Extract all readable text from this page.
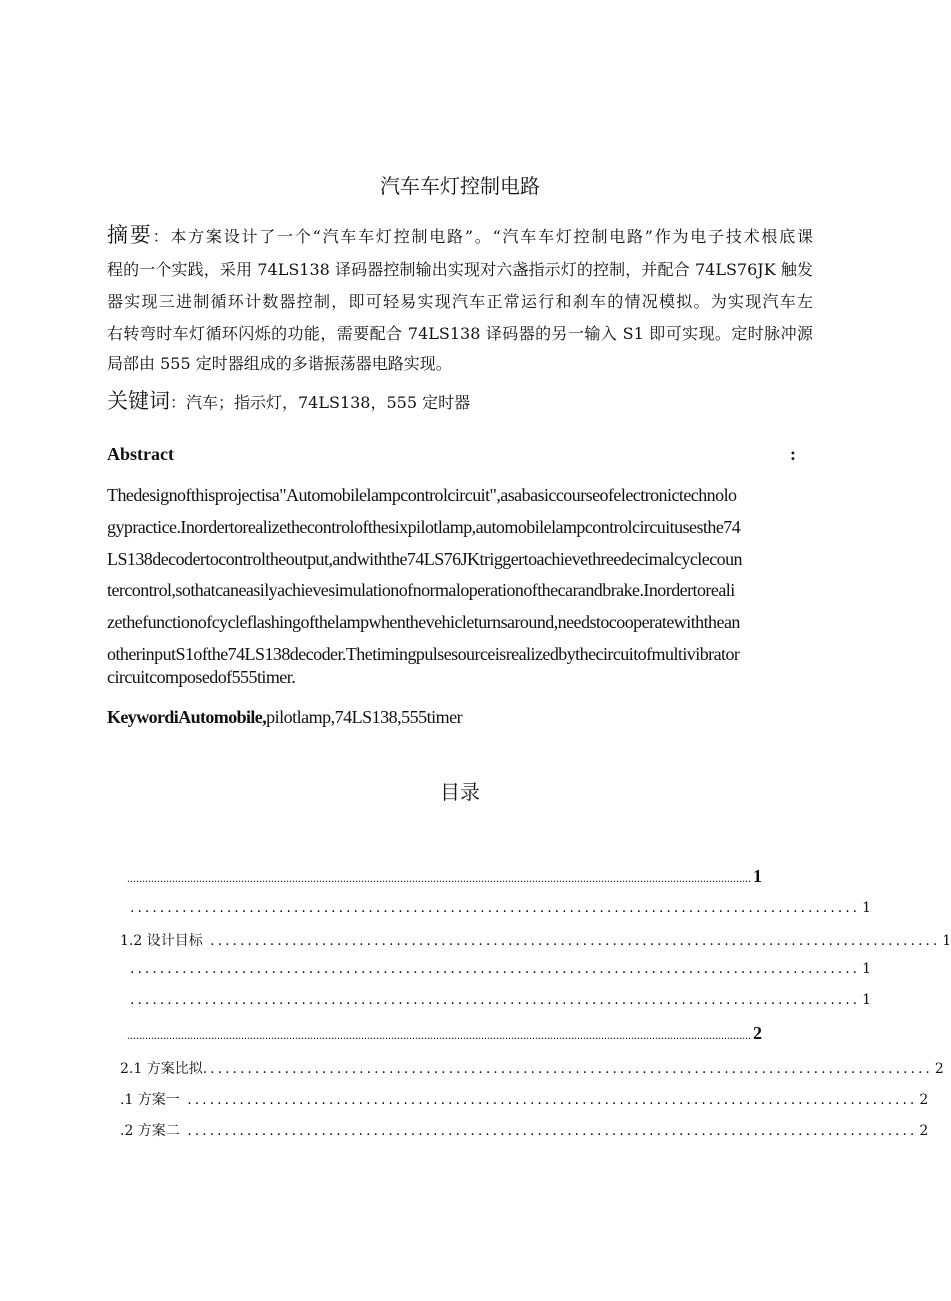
汽车车灯控制电路
摘要：本方案设计了一个“汽车车灯控制电路”。“汽车车灯控制电路”作为电子技术根底课
程的一个实践，采用 74LS138 译码器控制输出实现对六盏指示灯的控制，并配合 74LS76JK 触发
器实现三进制循环计数器控制，即可轻易实现汽车正常运行和刹车的情况模拟。为实现汽车左
右转弯时车灯循环闪烁的功能，需要配合 74LS138 译码器的另一输入 S1 即可实现。定时脉冲源
局部由 555 定时器组成的多谐振荡器电路实现。
关键词：汽车；指示灯，74LS138，555 定时器
Abstract	:
Thedesignofthisprojectisa"Automobilelampcontrolcircuit",asabasiccourseofelectronictechnolo
gypractice.Inordertorealizethecontrolofthesixpilotlamp,automobilelampcontrolcircuitusesthe74
LS138decodertocontroltheoutput,andwiththe74LS76JKtriggertoachievethreedecimalcyclecoun
tercontrol,sothatcaneasilyachievesimulationofnormaloperationofthecarandbrake.Inordertoreali
zethefunctionofcycleflashingofthelampwhenthevehicleturnsaround,needstocooperatewiththean
otherinputS1ofthe74LS138decoder.Thetimingpulsesourceisrealizedbythecircuitofmultivibrator
circuitcomposedof555timer.
KeywordiAutomobile,pilotlamp,74LS138,555timer
目录
................................................................................................................................................................................................................ 1
.................................................................................................. 1
1.2 设计目标 .................................................................................................. 1
.................................................................................................. 1
.................................................................................................. 1
................................................................................................................................................................................................................ 2
2.1 方案比拟 .................................................................................................. 2
.1 方案一 .................................................................................................. 2
.2 方案二 .................................................................................................. 2
